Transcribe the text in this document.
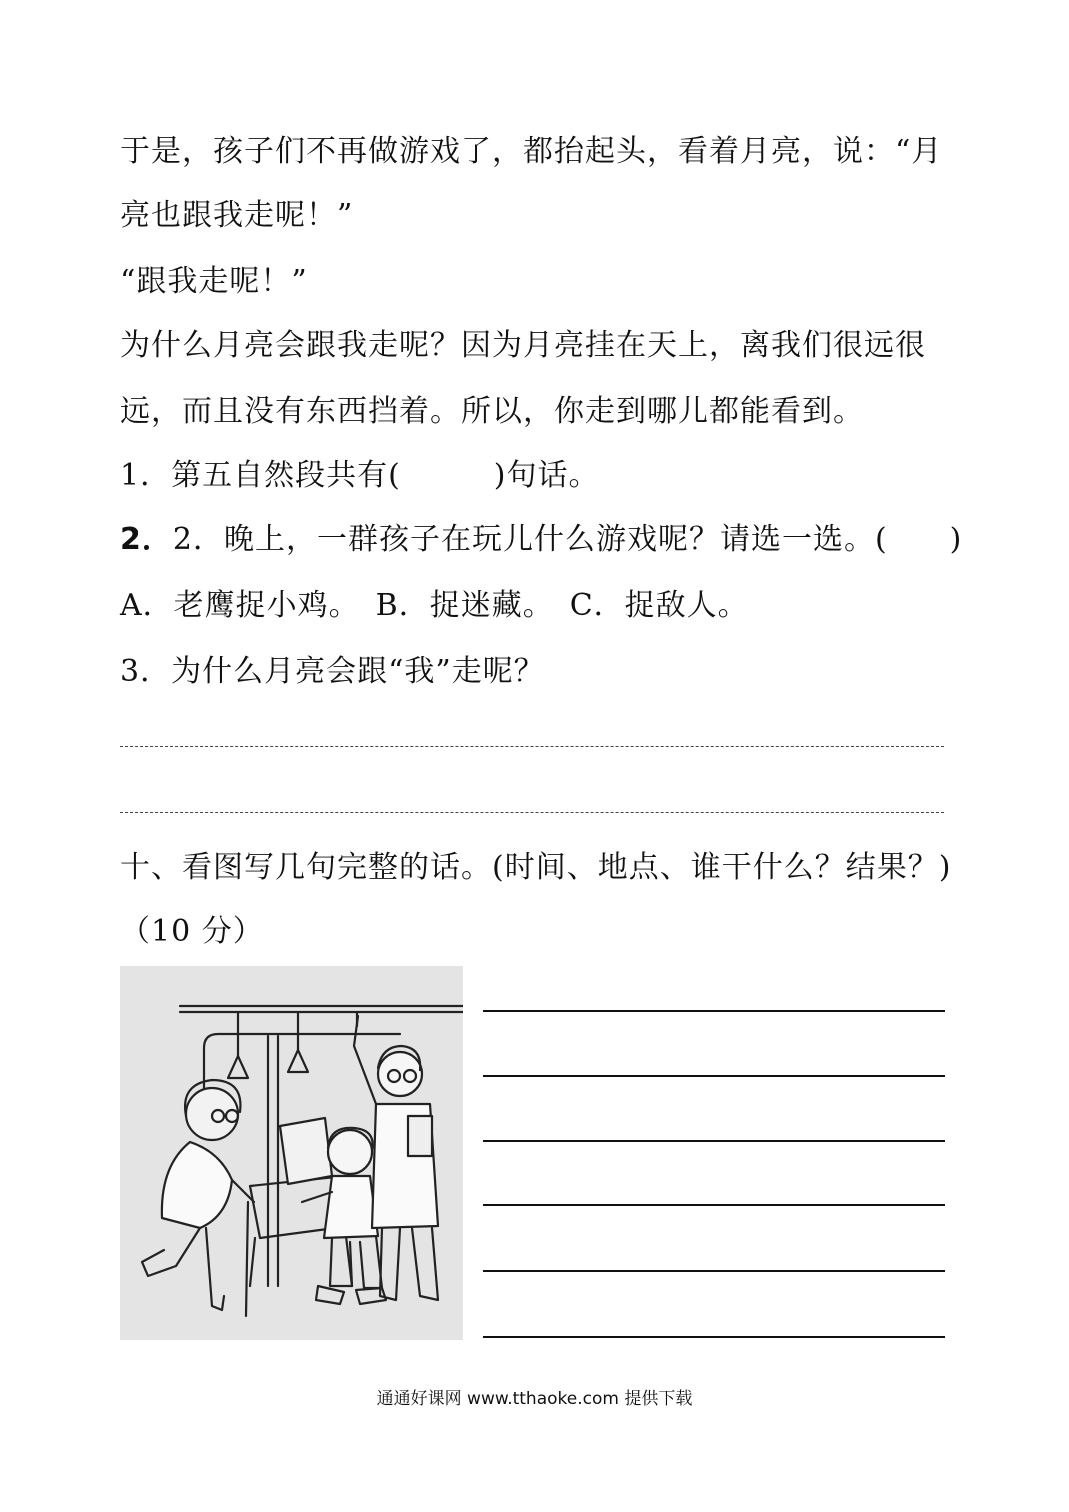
于是，孩子们不再做游戏了，都抬起头，看着月亮，说：“月
亮也跟我走呢！”
“跟我走呢！”
为什么月亮会跟我走呢？因为月亮挂在天上，离我们很远很
远，而且没有东西挡着。所以，你走到哪儿都能看到。
1．第五自然段共有(　　　)句话。
2．2．晚上，一群孩子在玩儿什么游戏呢？请选一选。(　　)
A．老鹰捉小鸡。　B．捉迷藏。　C．捉敌人。
3．为什么月亮会跟“我”走呢？
十、看图写几句完整的话。(时间、地点、谁干什么？结果？)
（10 分）
通通好课网 www.tthaoke.com 提供下载
